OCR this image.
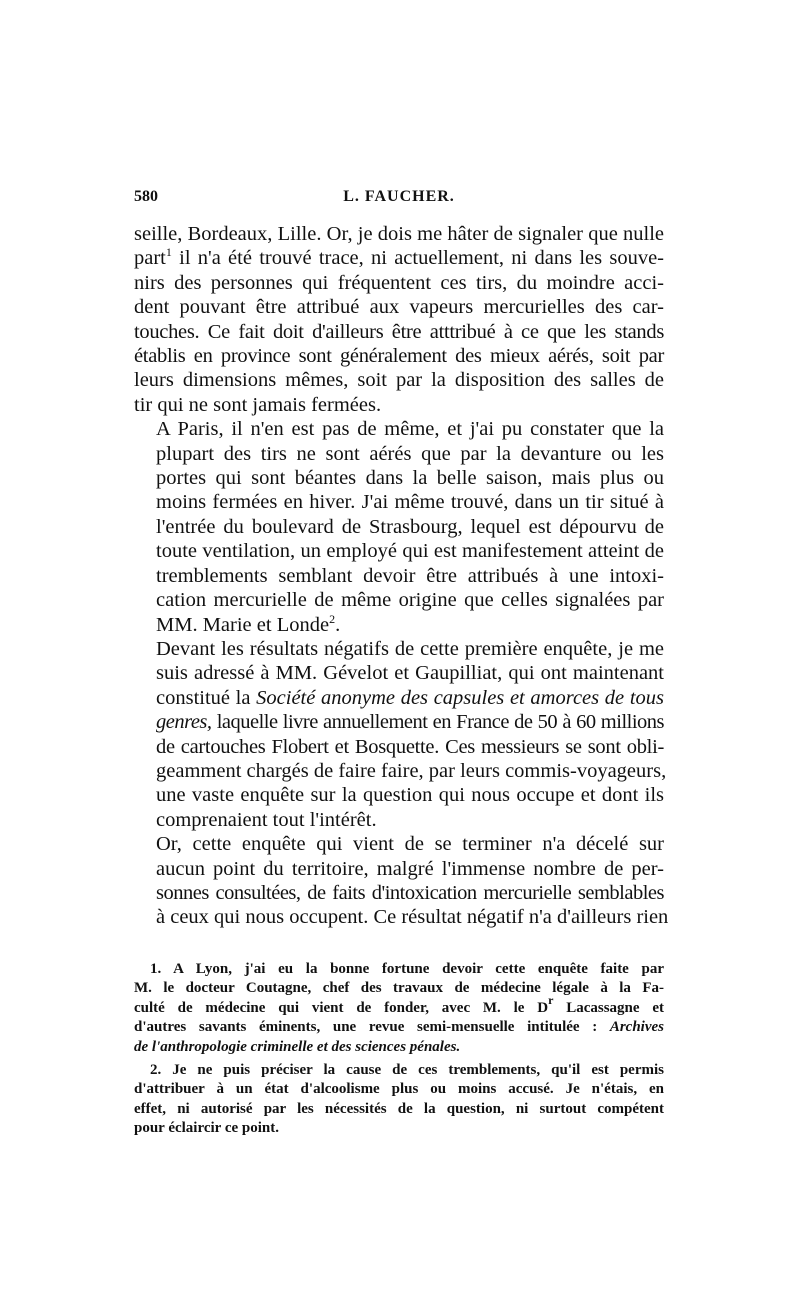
580	L. FAUCHER.

seille, Bordeaux, Lille. Or, je dois me hâter de signaler que nulle
part$^1$ il n'a été trouvé trace, ni actuellement, ni dans les souve-
nirs des personnes qui fréquentent ces tirs, du moindre acci-
dent pouvant être attribué aux vapeurs mercurielles des car-
touches. Ce fait doit d'ailleurs être atttribué à ce que les stands
établis en province sont généralement des mieux aérés, soit par
leurs dimensions mêmes, soit par la disposition des salles de
tir qui ne sont jamais fermées.

A Paris, il n'en est pas de même, et j'ai pu constater que la
plupart des tirs ne sont aérés que par la devanture ou les
portes qui sont béantes dans la belle saison, mais plus ou
moins fermées en hiver. J'ai même trouvé, dans un tir situé à
l'entrée du boulevard de Strasbourg, lequel est dépourvu de
toute ventilation, un employé qui est manifestement atteint de
tremblements semblant devoir être attribués à une intoxi-
cation mercurielle de même origine que celles signalées par
MM. Marie et Londe$^2$.

Devant les résultats négatifs de cette première enquête, je me
suis adressé à MM. Gévelot et Gaupilliat, qui ont maintenant
constitué la Société anonyme des capsules et amorces de tous
genres, laquelle livre annuellement en France de 50 à 60 millions
de cartouches Flobert et Bosquette. Ces messieurs se sont obli-
geamment chargés de faire faire, par leurs commis-voyageurs,
une vaste enquête sur la question qui nous occupe et dont ils
comprenaient tout l'intérêt.

Or, cette enquête qui vient de se terminer n'a décelé sur
aucun point du territoire, malgré l'immense nombre de per-
sonnes consultées, de faits d'intoxication mercurielle semblables
à ceux qui nous occupent. Ce résultat négatif n'a d'ailleurs rien

1. A Lyon, j'ai eu la bonne fortune devoir cette enquête faite par
M. le docteur Coutagne, chef des travaux de médecine légale à la Fa-
culté de médecine qui vient de fonder, avec M. le $D^r$ Lacassagne et
d'autres savants éminents, une revue semi-mensuelle intitulée : Archives
de l'anthropologie criminelle et des sciences pénales.
2. Je ne puis préciser la cause de ces tremblements, qu'il est permis
d'attribuer à un état d'alcoolisme plus ou moins accusé. Je n'étais, en
effet, ni autorisé par les nécessités de la question, ni surtout compétent
pour éclaircir ce point.
